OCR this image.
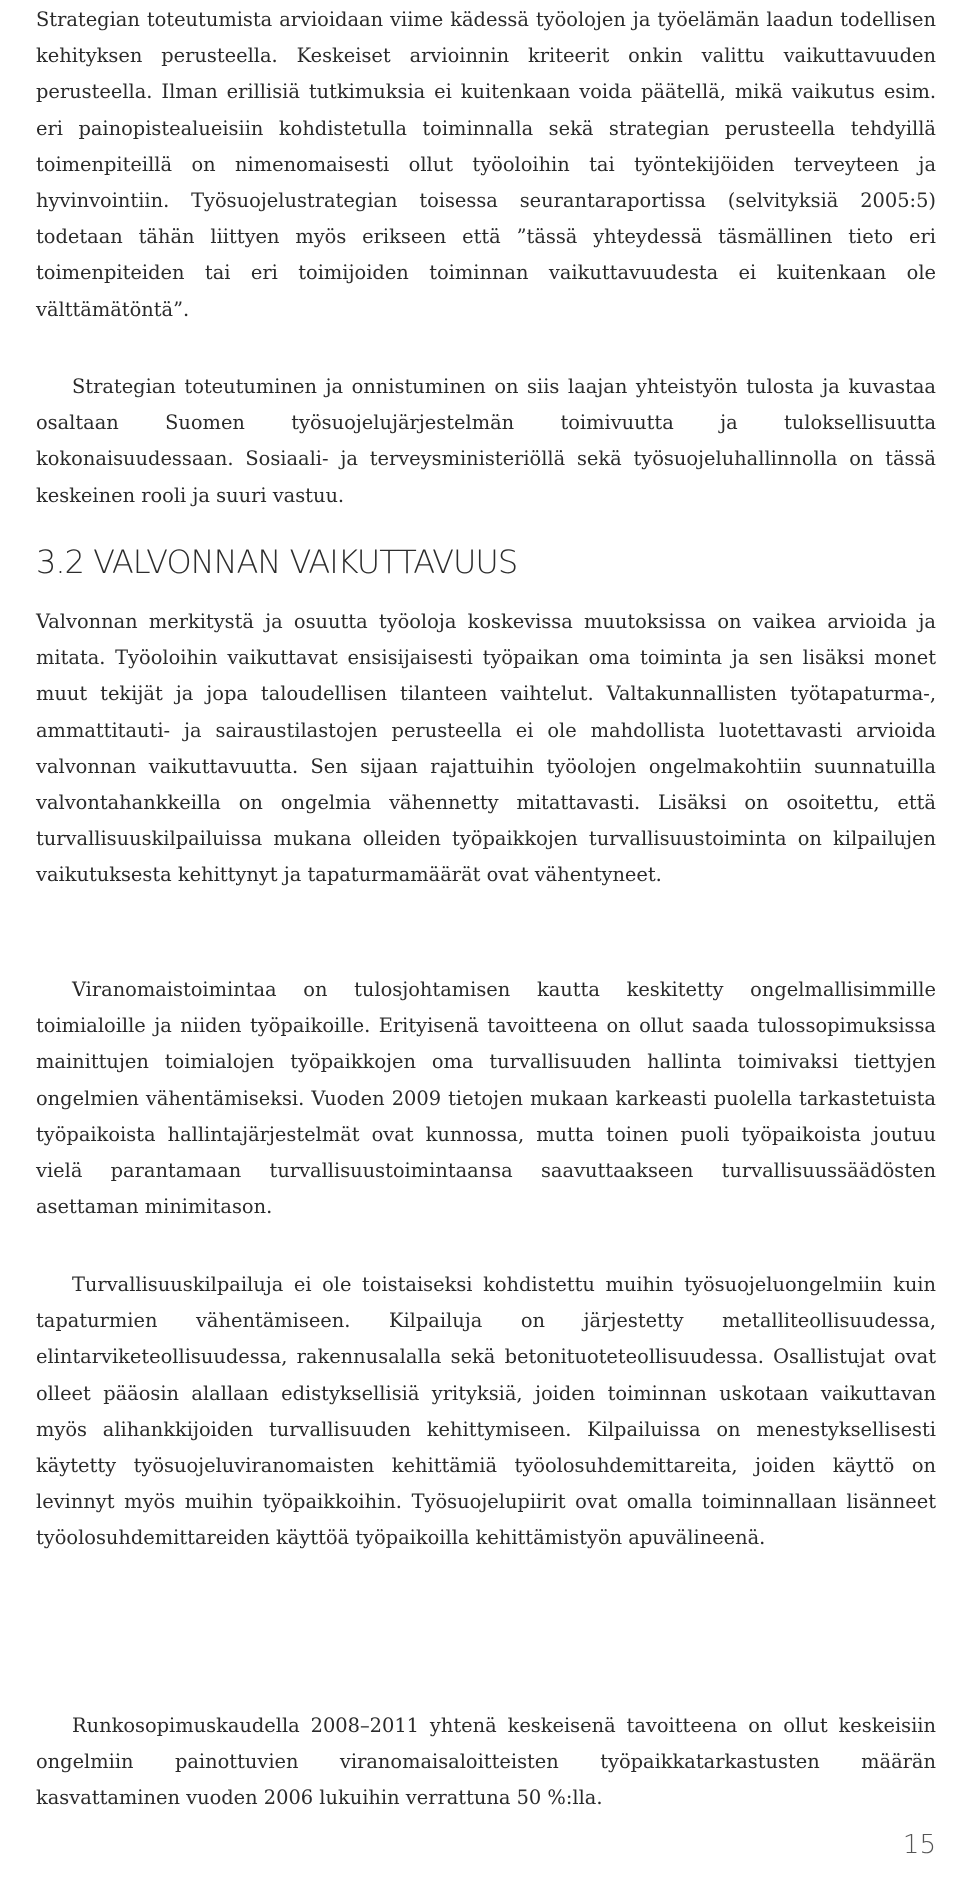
Strategian toteutumista arvioidaan viime kädessä työolojen ja työelämän laadun todellisen kehityksen perusteella. Keskeiset arvioinnin kriteerit onkin valittu vaikuttavuuden perusteella. Ilman erillisiä tutkimuksia ei kuitenkaan voida päätellä, mikä vaikutus esim. eri painopistealueisiin kohdistetulla toiminnalla sekä strategian perusteella tehdyillä toimenpiteillä on nimenomaisesti ollut työoloihin tai työntekijöiden terveyteen ja hyvinvointiin. Työsuojelustrategian toisessa seurantaraportissa (selvityksiä 2005:5) todetaan tähän liittyen myös erikseen että ”tässä yhteydessä täsmällinen tieto eri toimenpiteiden tai eri toimijoiden toiminnan vaikuttavuudesta ei kuitenkaan ole välttämätöntä”.

Strategian toteutuminen ja onnistuminen on siis laajan yhteistyön tulosta ja kuvastaa osaltaan Suomen työsuojelujärjestelmän toimivuutta ja tuloksellisuutta kokonaisuudessaan. Sosiaali- ja terveysministeriöllä sekä työsuojeluhallinnolla on tässä keskeinen rooli ja suuri vastuu.

3.2 VALVONNAN VAIKUTTAVUUS

Valvonnan merkitystä ja osuutta työoloja koskevissa muutoksissa on vaikea arvioida ja mitata. Työoloihin vaikuttavat ensisijaisesti työpaikan oma toiminta ja sen lisäksi monet muut tekijät ja jopa taloudellisen tilanteen vaihtelut. Valtakunnallisten työtapaturma-, ammattitauti- ja sairaustilastojen perusteella ei ole mahdollista luotettavasti arvioida valvonnan vaikuttavuutta. Sen sijaan rajattuihin työolojen ongelmakohtiin suunnatuilla valvontahankkeilla on ongelmia vähennetty mitattavasti. Lisäksi on osoitettu, että turvallisuuskilpailuissa mukana olleiden työpaikkojen turvallisuustoiminta on kilpailujen vaikutuksesta kehittynyt ja tapaturmamäärät ovat vähentyneet.

Viranomaistoimintaa on tulosjohtamisen kautta keskitetty ongelmallisimmille toimialoille ja niiden työpaikoille. Erityisenä tavoitteena on ollut saada tulossopimuksissa mainittujen toimialojen työpaikkojen oma turvallisuuden hallinta toimivaksi tiettyjen ongelmien vähentämiseksi. Vuoden 2009 tietojen mukaan karkeasti puolella tarkastetuista työpaikoista hallintajärjestelmät ovat kunnossa, mutta toinen puoli työpaikoista joutuu vielä parantamaan turvallisuustoimintaansa saavuttaakseen turvallisuussäädösten asettaman minimitason.

Turvallisuuskilpailuja ei ole toistaiseksi kohdistettu muihin työsuojeluongelmiin kuin tapaturmien vähentämiseen. Kilpailuja on järjestetty metalliteollisuudessa, elintarviketeollisuudessa, rakennusalalla sekä betonituoteteollisuudessa. Osallistujat ovat olleet pääosin alallaan edistyksellisiä yrityksiä, joiden toiminnan uskotaan vaikuttavan myös alihankkijoiden turvallisuuden kehittymiseen. Kilpailuissa on menestyksellisesti käytetty työsuojeluviranomaisten kehittämiä työolosuhdemittareita, joiden käyttö on levinnyt myös muihin työpaikkoihin. Työsuojelupiirit ovat omalla toiminnallaan lisänneet työolosuhdemittareiden käyttöä työpaikoilla kehittämistyön apuvälineenä.

Runkosopimuskaudella 2008–2011 yhtenä keskeisenä tavoitteena on ollut keskeisiin ongelmiin painottuvien viranomaisaloitteisten työpaikkatarkastusten määrän kasvattaminen vuoden 2006 lukuihin verrattuna 50 %:lla.

15
